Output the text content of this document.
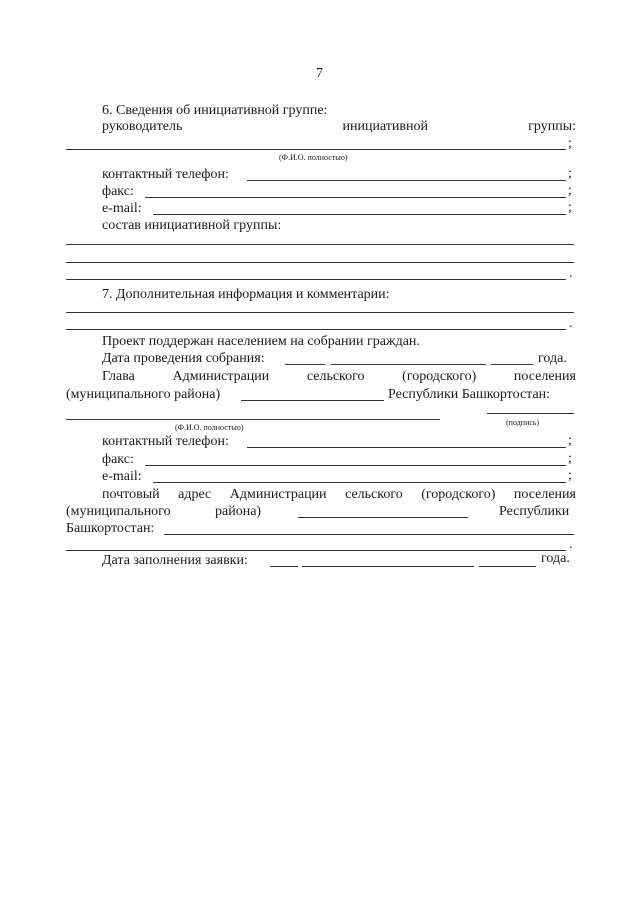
7
6. Сведения об инициативной группе:
руководитель	инициативной	группы:
;
(Ф.И.О. полностью)
контактный телефон:	;
факс:	;
e-mail:	;
состав инициативной группы:
.
7. Дополнительная информация и комментарии:
.
Проект поддержан населением на собрании граждан.
Дата проведения собрания:	года.
Глава	Администрации	сельского	(городского)	поселения
(муниципального района)	Республики Башкортостан:
(подпись)
(Ф.И.О. полностью)
контактный телефон:	;
факс:	;
e-mail:	;
почтовый адрес Администрации сельского (городского) поселения
(муниципального	района)	Республики
Башкортостан:
.
Дата заполнения заявки:	года.
